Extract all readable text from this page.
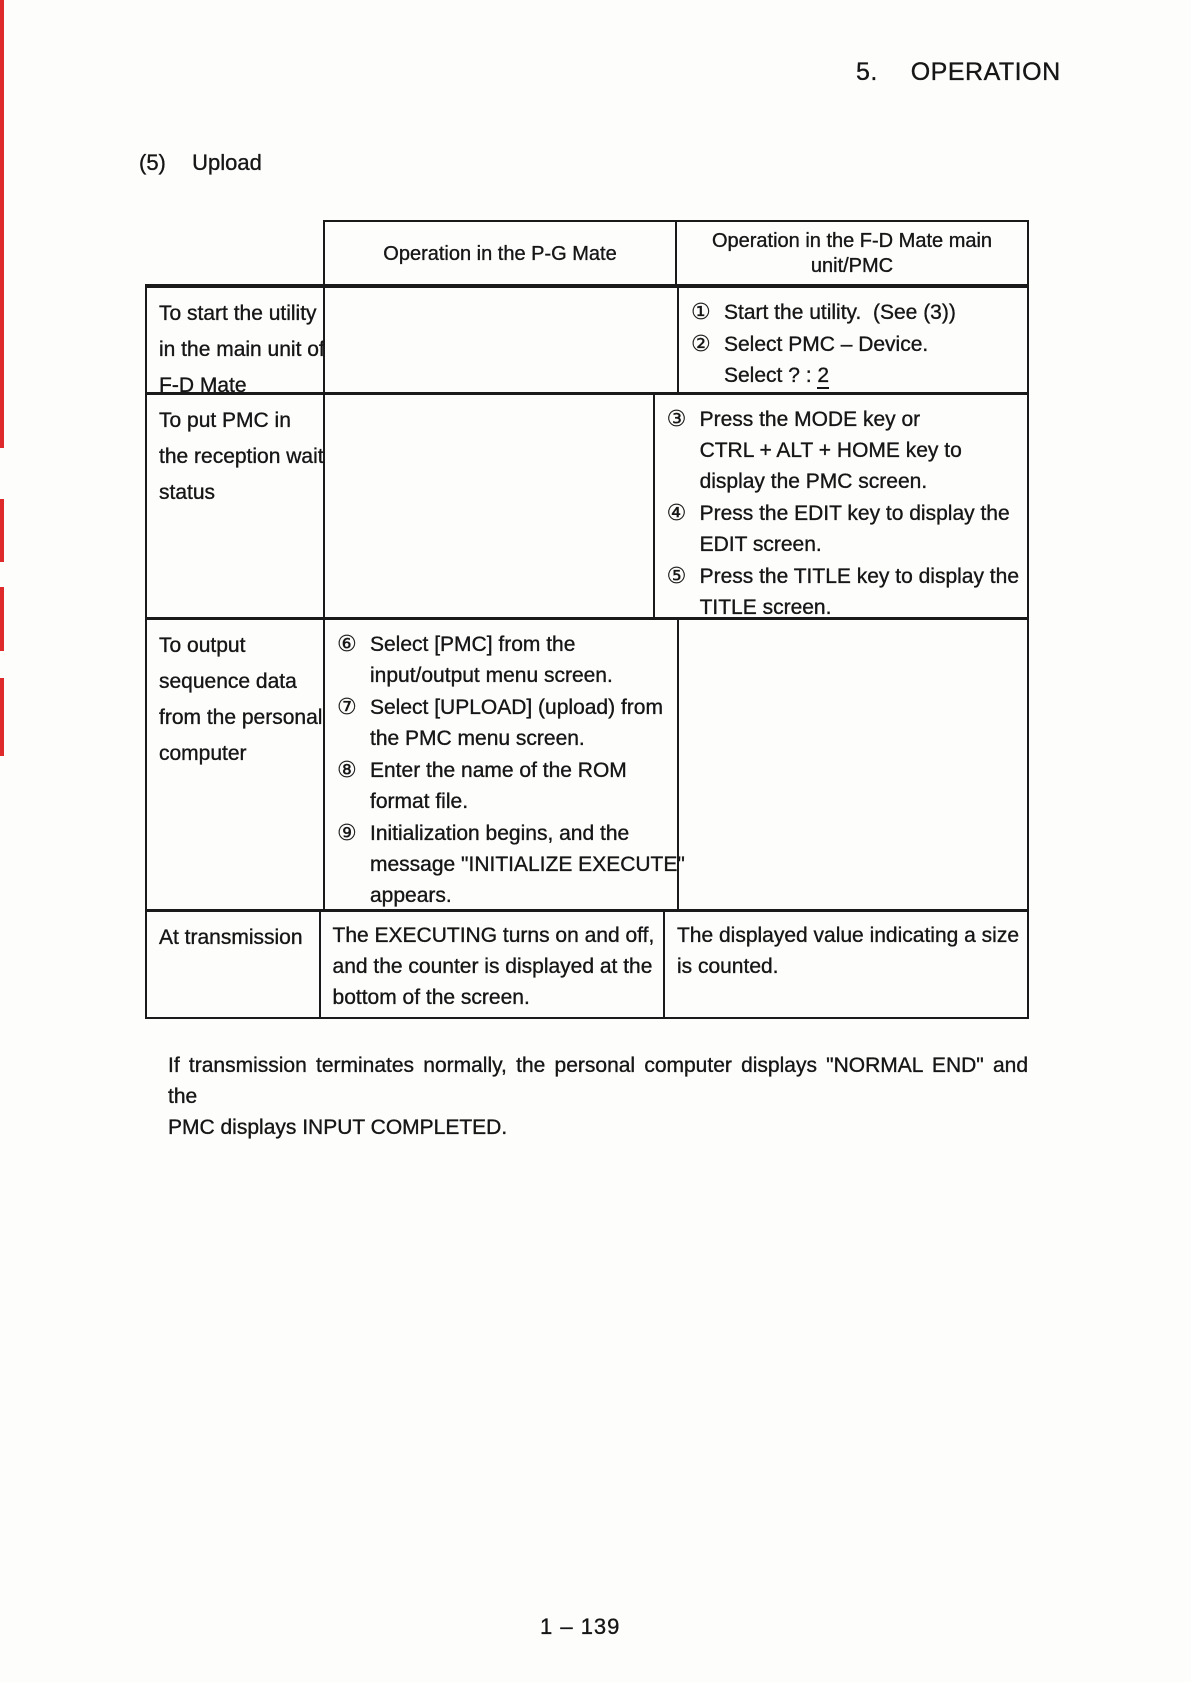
5.  OPERATION
(5)  Upload
Operation in the P-G Mate
Operation in the F-D Mate main
unit/PMC
To start the utility
in the main unit of
F-D Mate
① Start the utility.  (See (3))
② Select PMC – Device.
Select ? : 2
To put PMC in
the reception wait
status
③ Press the MODE key or
CTRL + ALT + HOME key to
display the PMC screen.
④ Press the EDIT key to display the
EDIT screen.
⑤ Press the TITLE key to display the
TITLE screen.
To output
sequence data
from the personal
computer
⑥ Select [PMC] from the
input/output menu screen.
⑦ Select [UPLOAD] (upload) from
the PMC menu screen.
⑧ Enter the name of the ROM
format file.
⑨ Initialization begins, and the
message "INITIALIZE EXECUTE"
appears.
At transmission	The EXECUTING turns on and off,
and the counter is displayed at the
bottom of the screen.
The displayed value indicating a size
is counted.
If transmission terminates normally, the personal computer displays "NORMAL END" and the
PMC displays INPUT COMPLETED.
1 – 139
